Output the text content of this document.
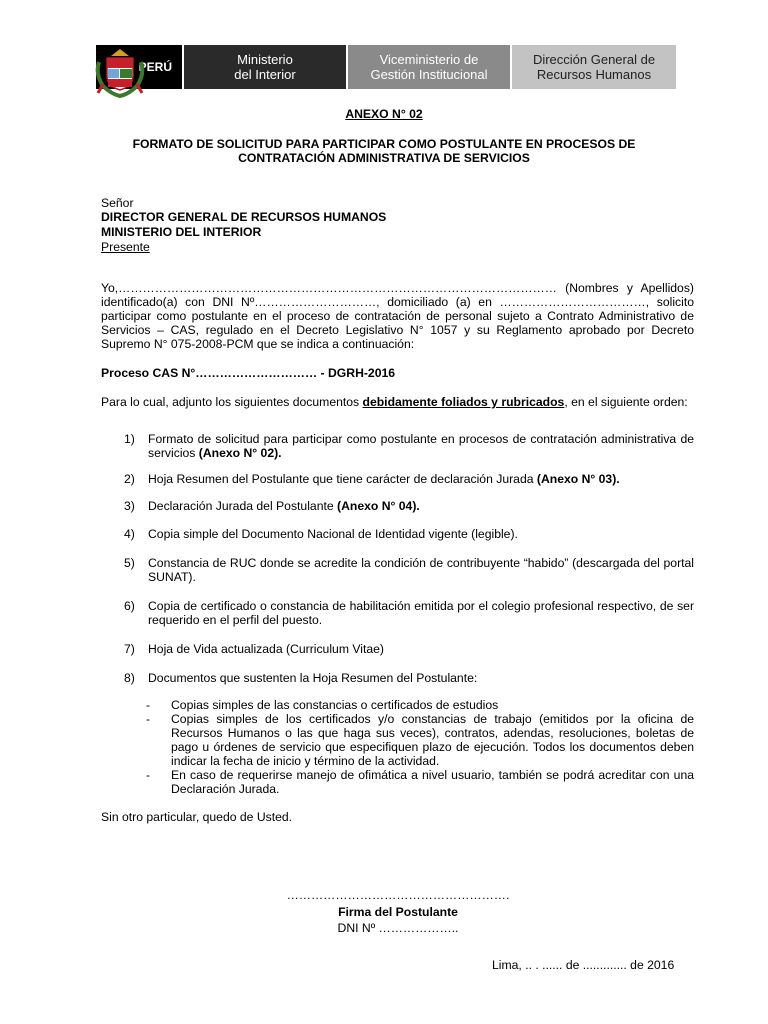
PERÚ	Ministerio
del Interior
Viceministerio de
Gestión Institucional
Dirección General de
Recursos Humanos
ANEXO N° 02
FORMATO DE SOLICITUD PARA PARTICIPAR COMO POSTULANTE EN PROCESOS DE
CONTRATACIÓN ADMINISTRATIVA DE SERVICIOS
Señor
DIRECTOR GENERAL DE RECURSOS HUMANOS
MINISTERIO DEL INTERIOR
Presente
Yo,……………………………………………………………………………………………… (Nombres y Apellidos) identificado(a) con DNI Nº…………………………, domiciliado (a) en ………………………………, solicito participar como postulante en el proceso de contratación de personal sujeto a Contrato Administrativo de Servicios – CAS, regulado en el Decreto Legislativo N° 1057 y su Reglamento aprobado por Decreto Supremo N° 075-2008-PCM que se indica a continuación:
Proceso CAS N°………………………… - DGRH-2016
Para lo cual, adjunto los siguientes documentos debidamente foliados y rubricados, en el siguiente orden:
1) Formato de solicitud para participar como postulante en procesos de contratación administrativa de servicios (Anexo N° 02).
2) Hoja Resumen del Postulante que tiene carácter de declaración Jurada (Anexo N° 03).
3) Declaración Jurada del Postulante (Anexo N° 04).
4) Copia simple del Documento Nacional de Identidad vigente (legible).
5) Constancia de RUC donde se acredite la condición de contribuyente “habido” (descargada del portal SUNAT).
6) Copia de certificado o constancia de habilitación emitida por el colegio profesional respectivo, de ser requerido en el perfil del puesto.
7) Hoja de Vida actualizada (Curriculum Vitae)
8) Documentos que sustenten la Hoja Resumen del Postulante:
- Copias simples de las constancias o certificados de estudios
- Copias simples de los certificados y/o constancias de trabajo (emitidos por la oficina de Recursos Humanos o las que haga sus veces), contratos, adendas, resoluciones, boletas de pago u órdenes de servicio que especifiquen plazo de ejecución. Todos los documentos deben indicar la fecha de inicio y término de la actividad.
- En caso de requerirse manejo de ofimática a nivel usuario, también se podrá acreditar con una Declaración Jurada.
Sin otro particular, quedo de Usted.
……………………………………………….
Firma del Postulante
DNI Nº ………………..
Lima, .. . ...... de ............. de 2016
